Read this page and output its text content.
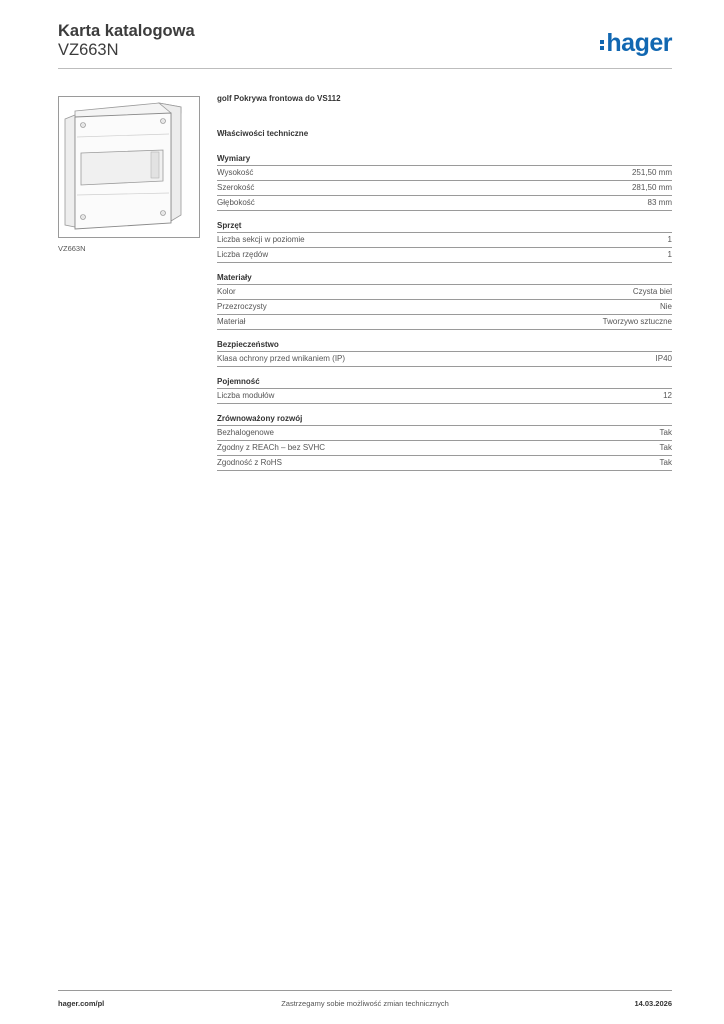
Karta katalogowa
VZ663N	hager
VZ663N
golf Pokrywa frontowa do VS112
Właściwości techniczne
Wymiary
Wysokość	251,50 mm
Szerokość	281,50 mm
Głębokość	83 mm
Sprzęt
Liczba sekcji w poziomie	1
Liczba rzędów	1
Materiały
Kolor	Czysta biel
Przezroczysty	Nie
Materiał	Tworzywo sztuczne
Bezpieczeństwo
Klasa ochrony przed wnikaniem (IP)	IP40
Pojemność
Liczba modułów	12
Zrównoważony rozwój
Bezhalogenowe	Tak
Zgodny z REACh – bez SVHC	Tak
Zgodność z RoHS	Tak
hager.com/pl	Zastrzegamy sobie możliwość zmian technicznych	14.03.2026
